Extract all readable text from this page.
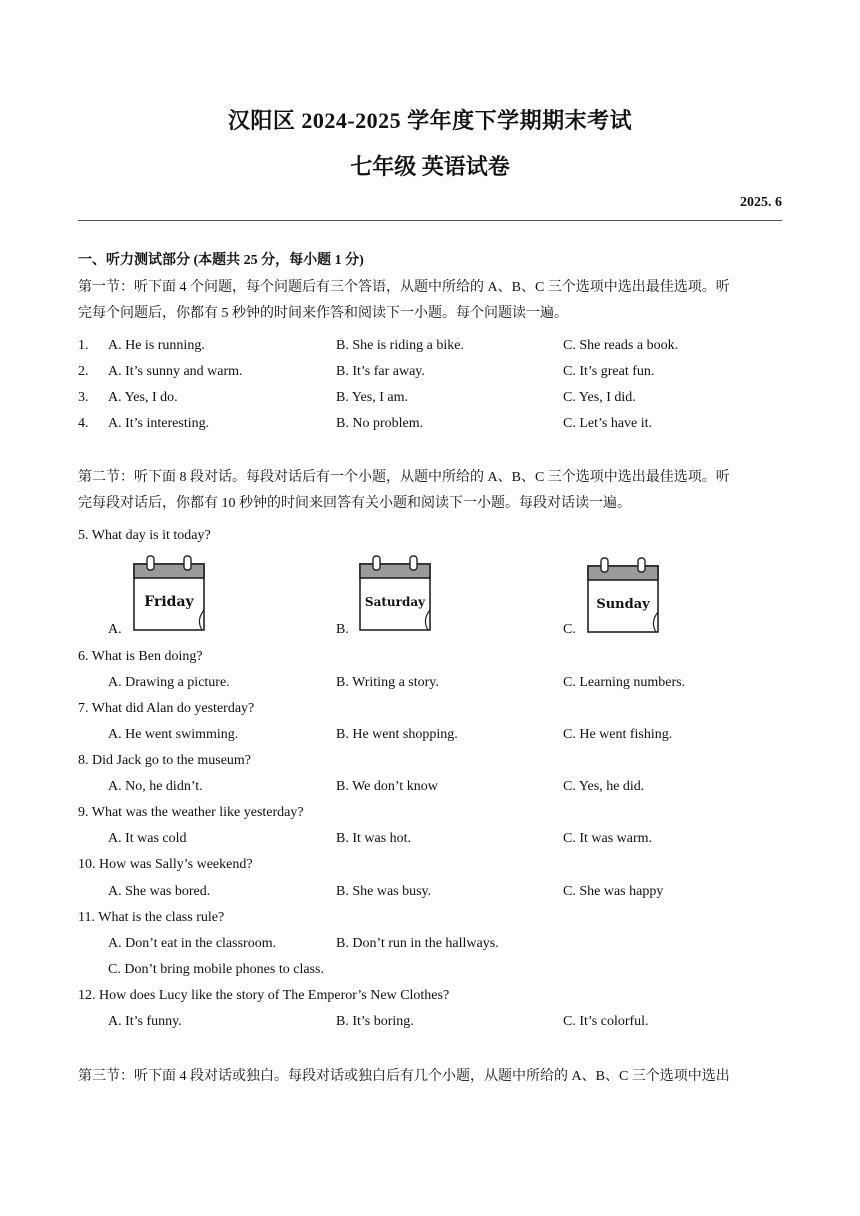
汉阳区 2024-2025 学年度下学期期末考试
七年级 英语试卷
2025. 6
一、听力测试部分 (本题共 25 分，每小题 1 分)
第一节：听下面 4 个问题，每个问题后有三个答语，从题中所给的 A、B、C 三个选项中选出最佳选项。听
完每个问题后，你都有 5 秒钟的时间来作答和阅读下一小题。每个问题读一遍。
1. A. He is running.	B. She is riding a bike.	C. She reads a book.
2. A. It’s sunny and warm.	B. It’s far away.	C. It’s great fun.
3. A. Yes, I do.	B. Yes, I am.	C. Yes, I did.
4. A. It’s interesting.	B. No problem.	C. Let’s have it.
第二节：听下面 8 段对话。每段对话后有一个小题，从题中所给的 A、B、C 三个选项中选出最佳选项。听
完每段对话后，你都有 10 秒钟的时间来回答有关小题和阅读下一小题。每段对话读一遍。
5. What day is it today?
A.	B.	C.
Friday	Saturday	Sunday
6. What is Ben doing?
A. Drawing a picture.	B. Writing a story.	C. Learning numbers.
7. What did Alan do yesterday?
A. He went swimming.	B. He went shopping.	C. He went fishing.
8. Did Jack go to the museum?
A. No, he didn’t.	B. We don’t know	C. Yes, he did.
9. What was the weather like yesterday?
A. It was cold	B. It was hot.	C. It was warm.
10. How was Sally’s weekend?
A. She was bored.	B. She was busy.	C. She was happy
11. What is the class rule?
A. Don’t eat in the classroom.	B. Don’t run in the hallways.
C. Don’t bring mobile phones to class.
12. How does Lucy like the story of The Emperor’s New Clothes?
A. It’s funny.	B. It’s boring.	C. It’s colorful.
第三节：听下面 4 段对话或独白。每段对话或独白后有几个小题，从题中所给的 A、B、C 三个选项中选出
